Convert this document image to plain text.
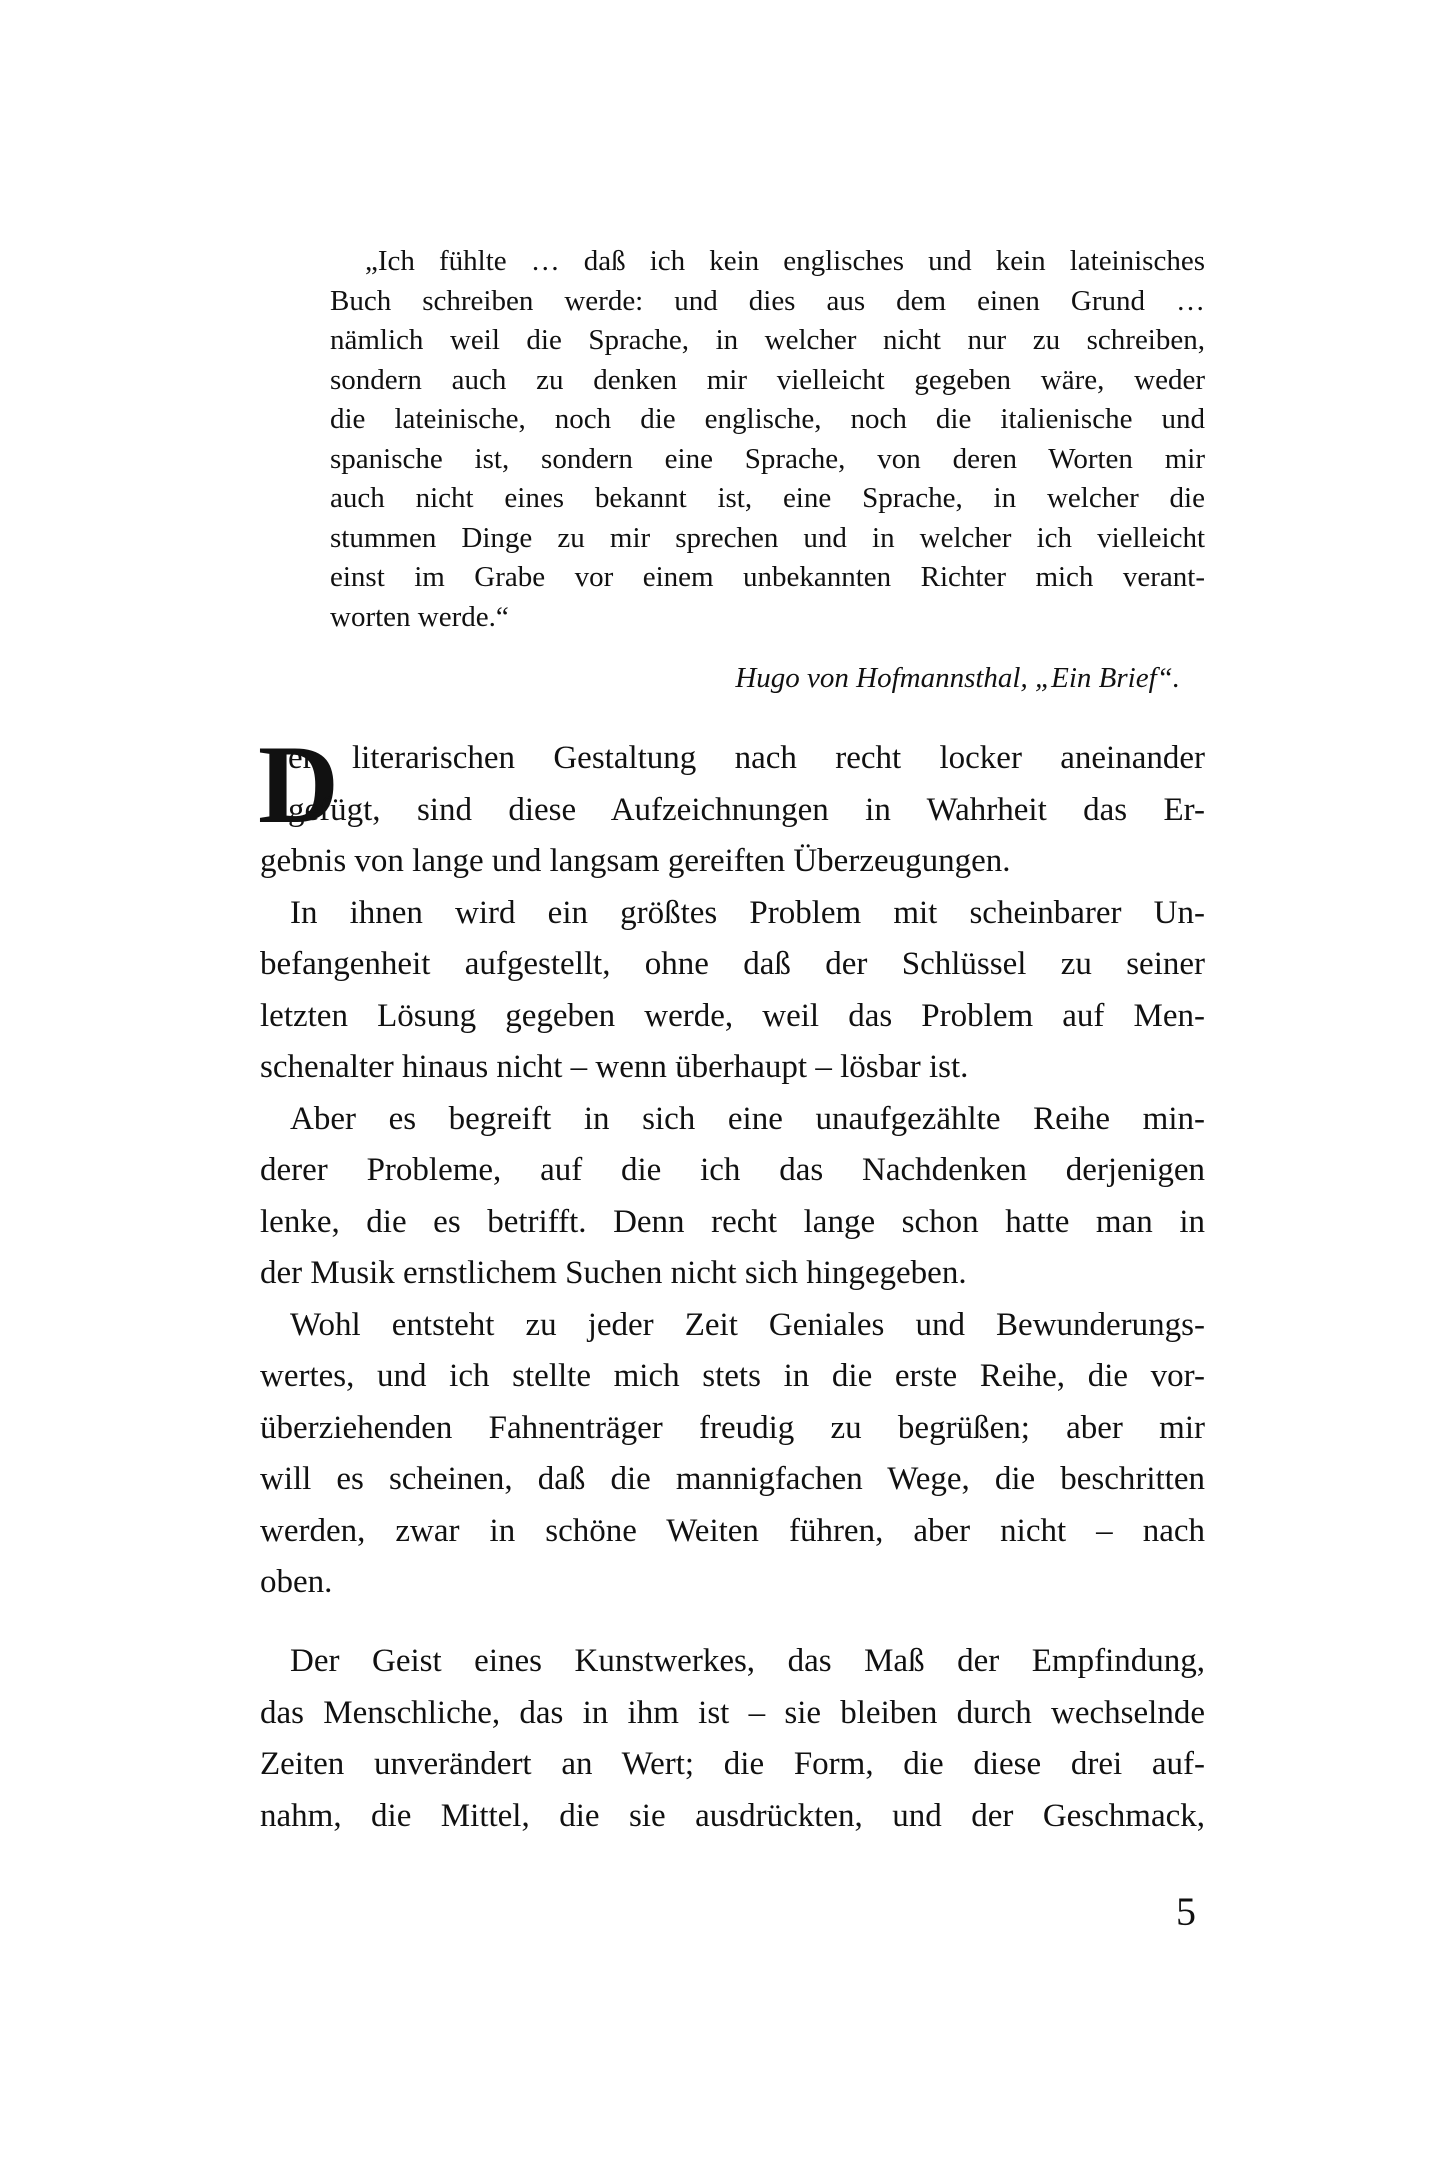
„Ich fühlte … daß ich kein englisches und kein lateinisches
Buch schreiben werde: und dies aus dem einen Grund …
nämlich weil die Sprache, in welcher nicht nur zu schreiben,
sondern auch zu denken mir vielleicht gegeben wäre, weder
die lateinische, noch die englische, noch die italienische und
spanische ist, sondern eine Sprache, von deren Worten mir
auch nicht eines bekannt ist, eine Sprache, in welcher die
stummen Dinge zu mir sprechen und in welcher ich vielleicht
einst im Grabe vor einem unbekannten Richter mich verant-
worten werde.“
Hugo von Hofmannsthal, „Ein Brief“.
D
er literarischen Gestaltung nach recht locker aneinander
gefügt, sind diese Aufzeichnungen in Wahrheit das Er-
gebnis von lange und langsam gereiften Überzeugungen.
In ihnen wird ein größtes Problem mit scheinbarer Un-
befangenheit aufgestellt, ohne daß der Schlüssel zu seiner
letzten Lösung gegeben werde, weil das Problem auf Men-
schenalter hinaus nicht – wenn überhaupt – lösbar ist.
Aber es begreift in sich eine unaufgezählte Reihe min-
derer Probleme, auf die ich das Nachdenken derjenigen
lenke, die es betrifft. Denn recht lange schon hatte man in
der Musik ernstlichem Suchen nicht sich hingegeben.
Wohl entsteht zu jeder Zeit Geniales und Bewunderungs-
wertes, und ich stellte mich stets in die erste Reihe, die vor-
überziehenden Fahnenträger freudig zu begrüßen; aber mir
will es scheinen, daß die mannigfachen Wege, die beschritten
werden, zwar in schöne Weiten führen, aber nicht – nach
oben.
Der Geist eines Kunstwerkes, das Maß der Empfindung,
das Menschliche, das in ihm ist – sie bleiben durch wechselnde
Zeiten unverändert an Wert; die Form, die diese drei auf-
nahm, die Mittel, die sie ausdrückten, und der Geschmack,
5
